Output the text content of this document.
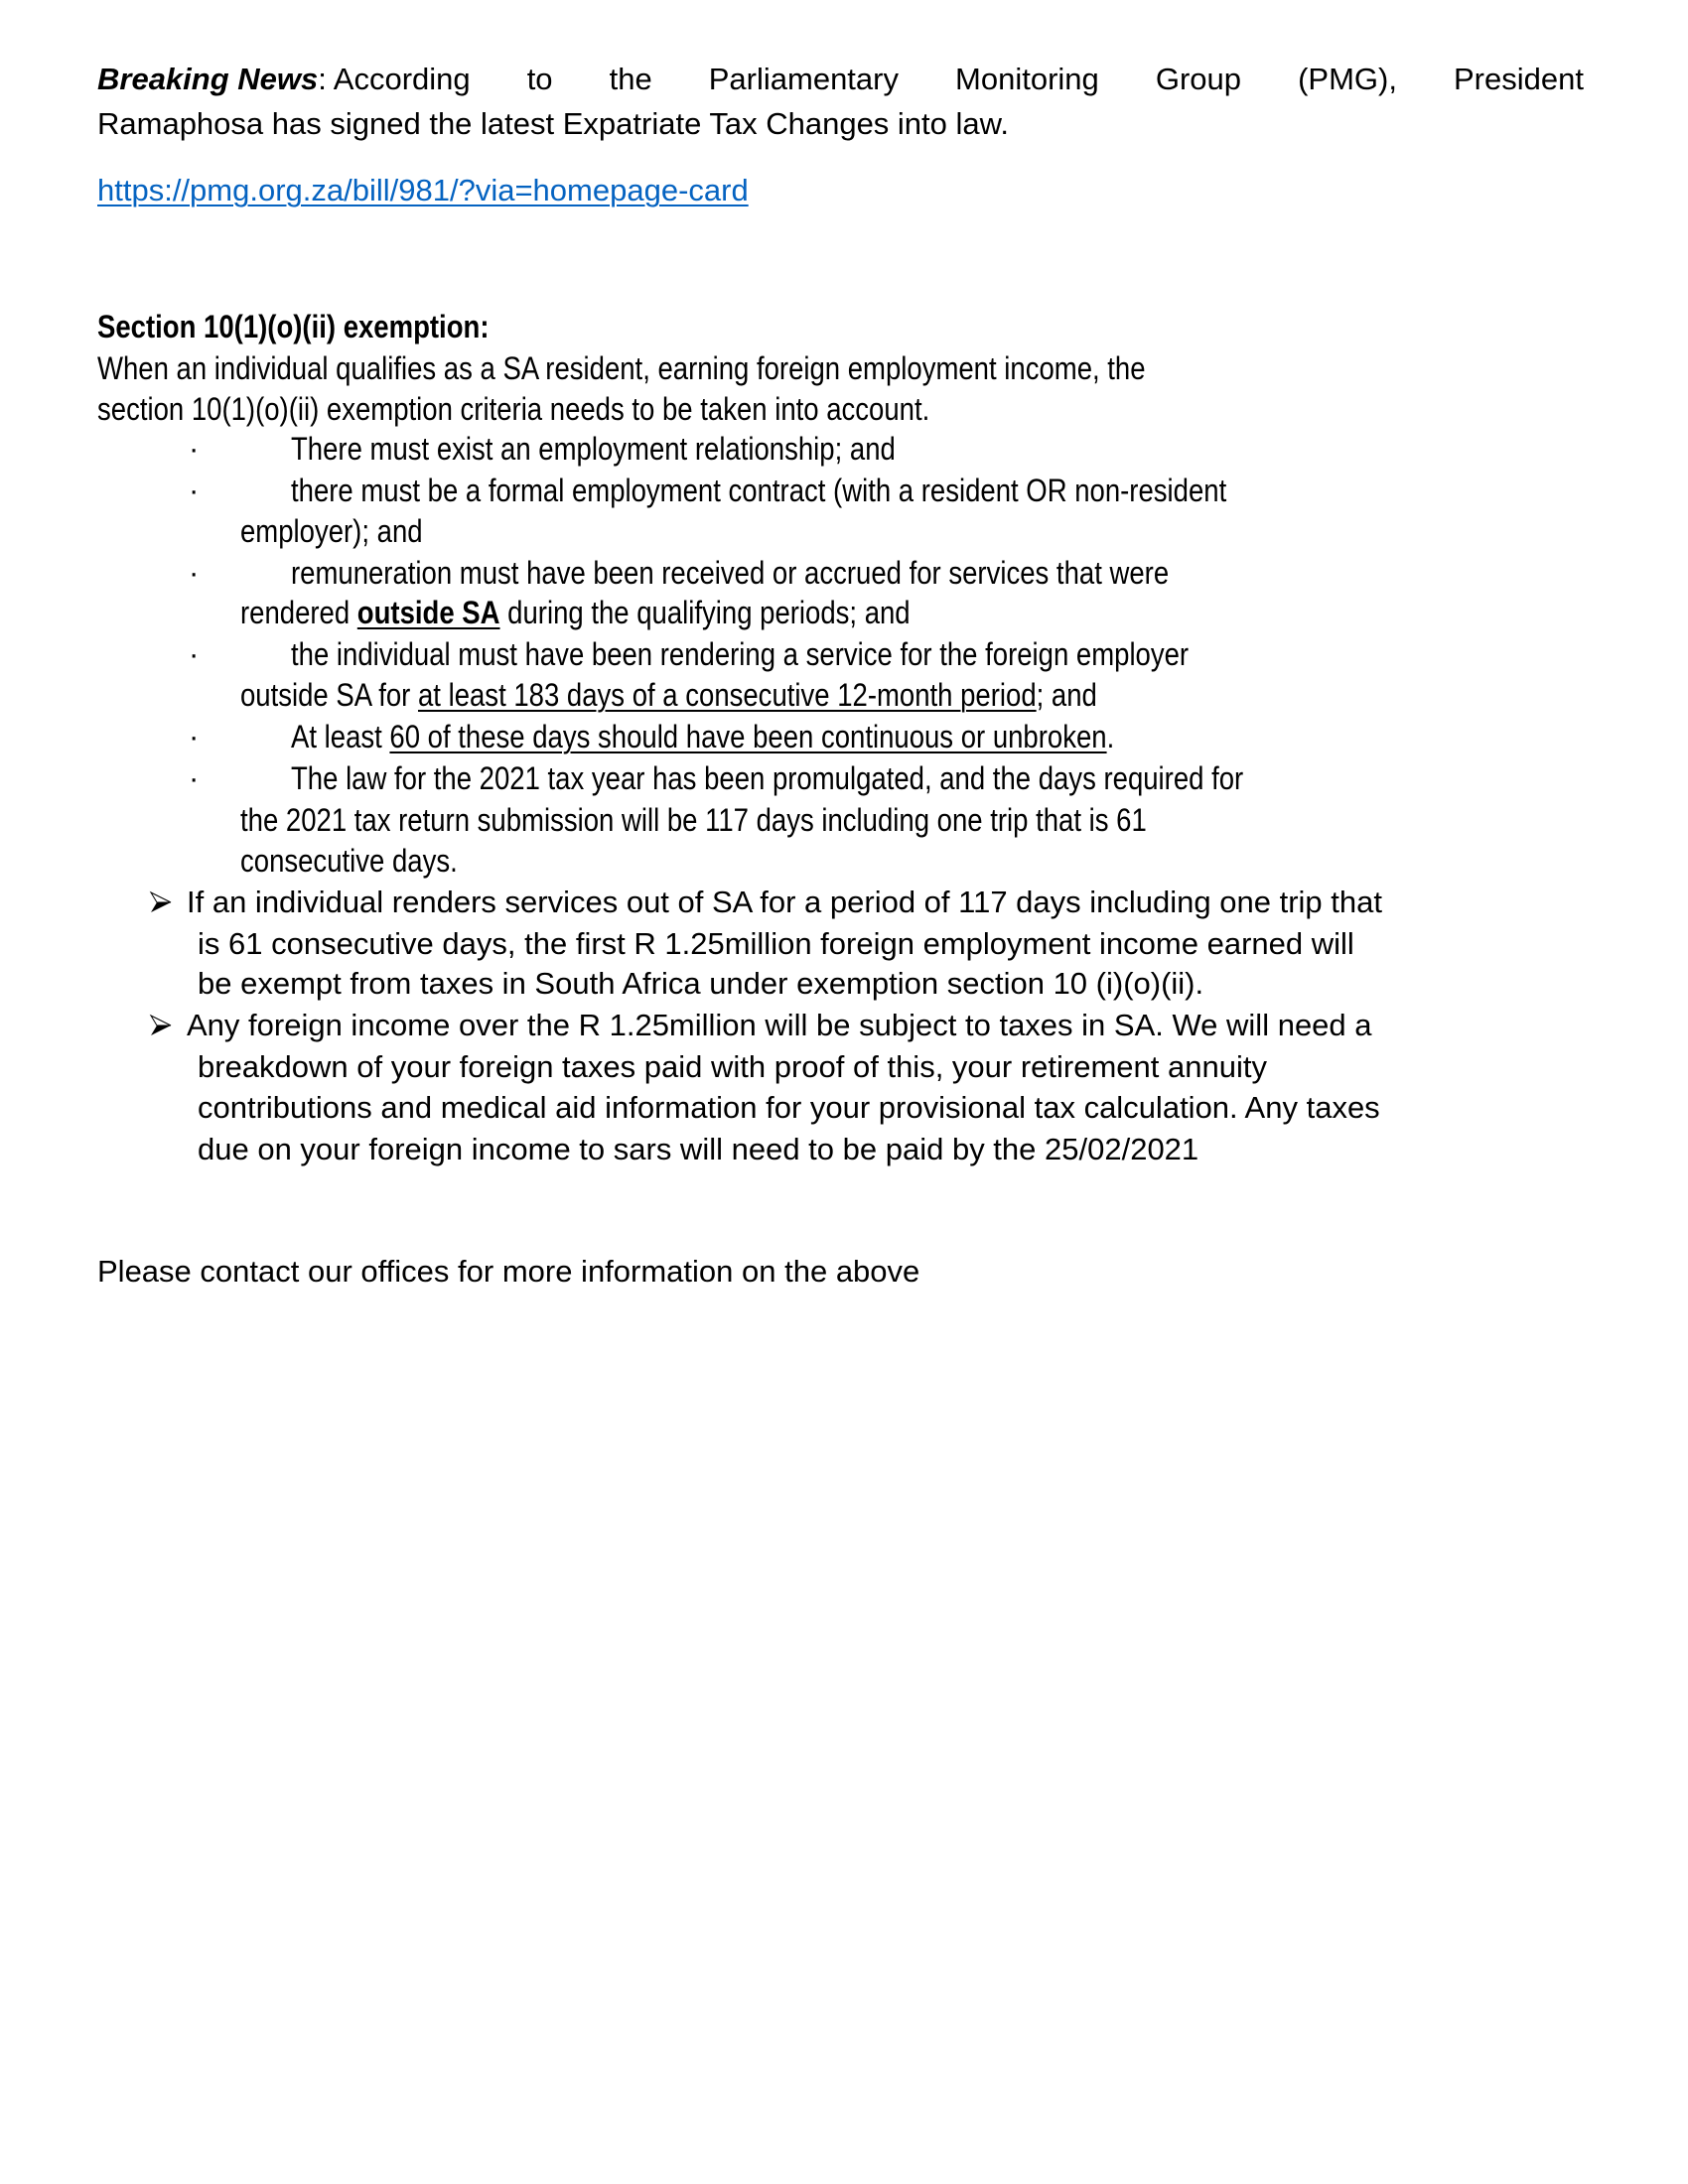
Breaking News: According to the Parliamentary Monitoring Group (PMG), President
Ramaphosa has signed the latest Expatriate Tax Changes into law.
https://pmg.org.za/bill/981/?via=homepage-card
Section 10(1)(o)(ii) exemption:
When an individual qualifies as a SA resident, earning foreign employment income, the
section 10(1)(o)(ii) exemption criteria needs to be taken into account.
·	There must exist an employment relationship; and
·	there must be a formal employment contract (with a resident OR non-resident
employer); and
·	remuneration must have been received or accrued for services that were
rendered outside SA during the qualifying periods; and
·	the individual must have been rendering a service for the foreign employer
outside SA for at least 183 days of a consecutive 12-month period; and
·	At least 60 of these days should have been continuous or unbroken.
·	The law for the 2021 tax year has been promulgated, and the days required for
the 2021 tax return submission will be 117 days including one trip that is 61
consecutive days.
If an individual renders services out of SA for a period of 117 days including one trip that
is 61 consecutive days, the first R 1.25million foreign employment income earned will
be exempt from taxes in South Africa under exemption section 10 (i)(o)(ii).
Any foreign income over the R 1.25million will be subject to taxes in SA. We will need a
breakdown of your foreign taxes paid with proof of this, your retirement annuity
contributions and medical aid information for your provisional tax calculation. Any taxes
due on your foreign income to sars will need to be paid by the 25/02/2021
Please contact our offices for more information on the above
